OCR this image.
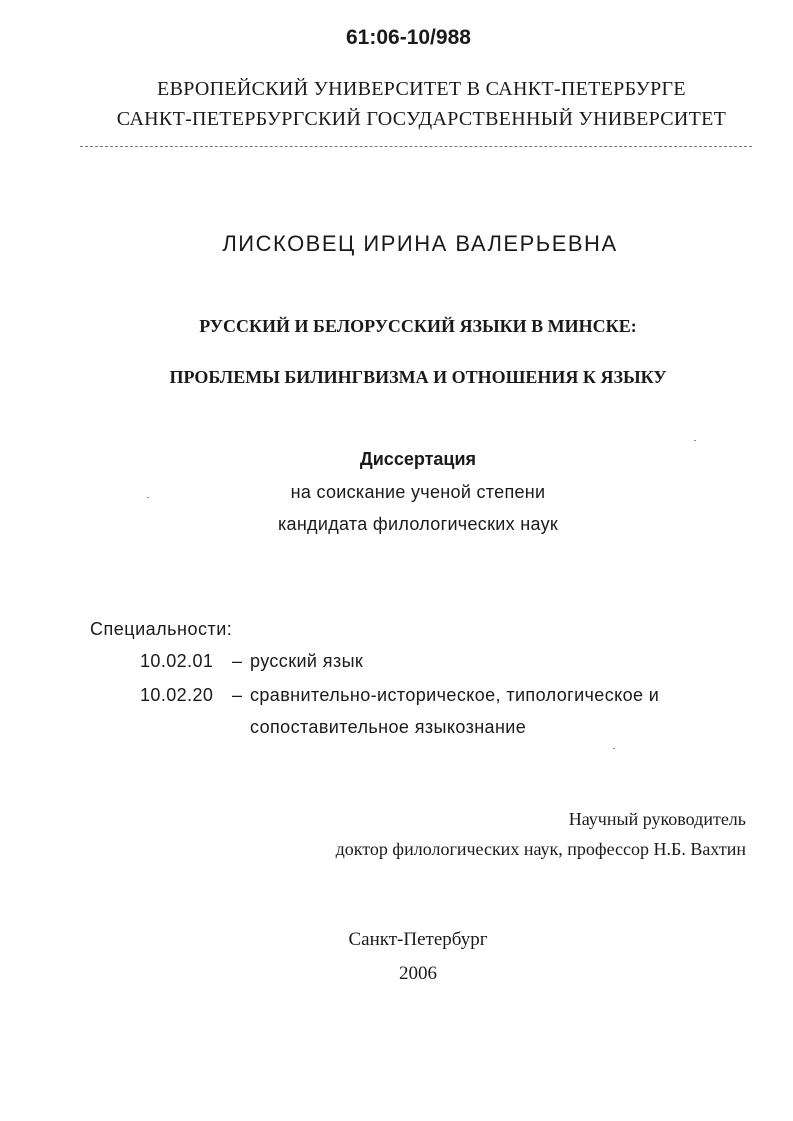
61:06-10/988
ЕВРОПЕЙСКИЙ УНИВЕРСИТЕТ В САНКТ-ПЕТЕРБУРГЕ
САНКТ-ПЕТЕРБУРГСКИЙ ГОСУДАРСТВЕННЫЙ УНИВЕРСИТЕТ
ЛИСКОВЕЦ ИРИНА ВАЛЕРЬЕВНА
РУССКИЙ И БЕЛОРУССКИЙ ЯЗЫКИ В МИНСКЕ:
ПРОБЛЕМЫ БИЛИНГВИЗМА И ОТНОШЕНИЯ К ЯЗЫКУ
Диссертация
на соискание ученой степени
кандидата филологических наук
Специальности:
10.02.01 – русский язык
10.02.20 – сравнительно-историческое, типологическое и
сопоставительное языкознание
Научный руководитель
доктор филологических наук, профессор Н.Б. Вахтин
Санкт-Петербург
2006
